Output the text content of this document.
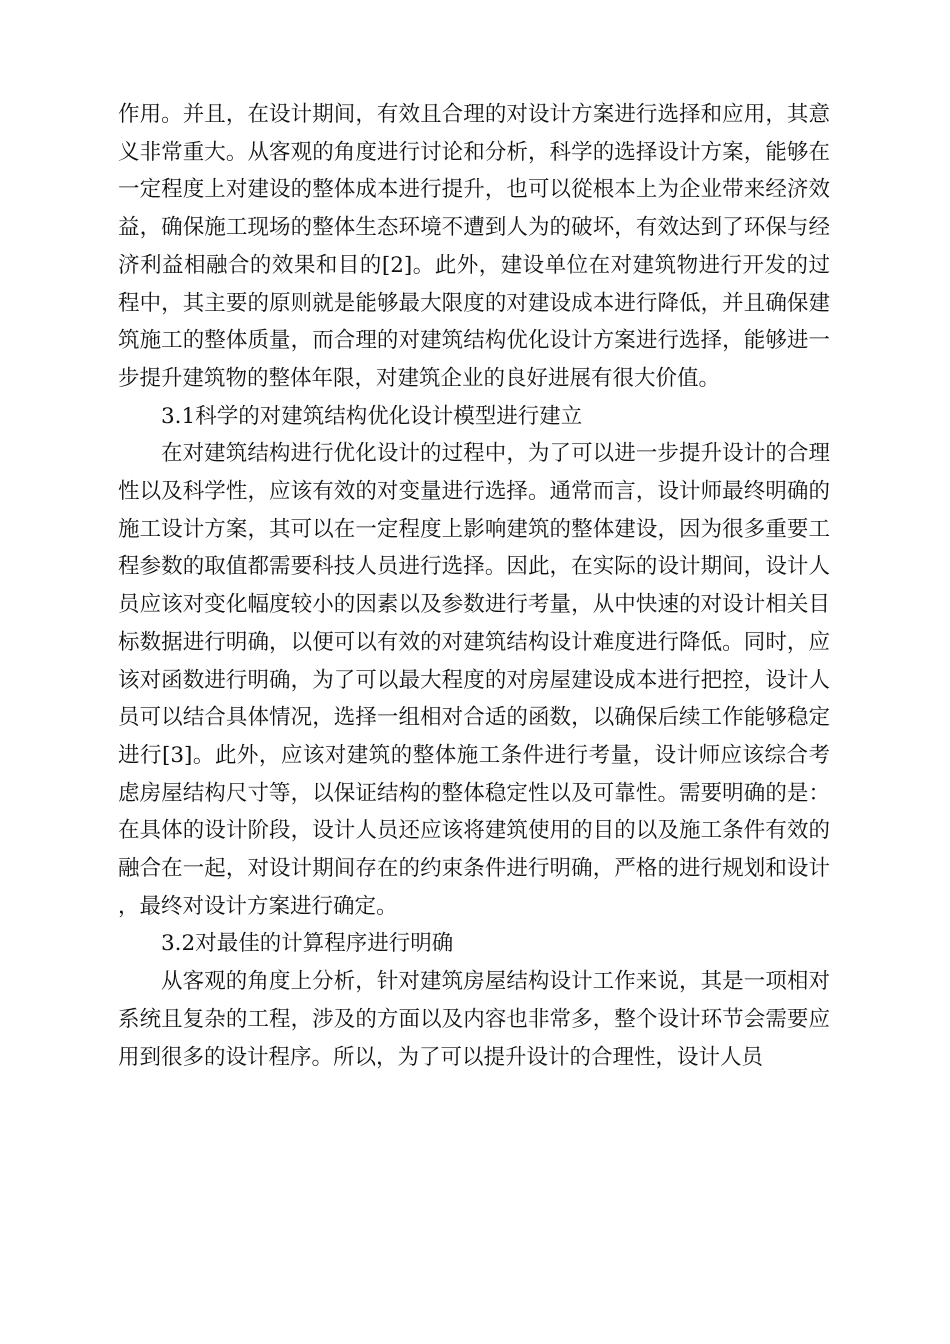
作用。并且，在设计期间，有效且合理的对设计方案进行选择和应用，其意义非常重大。从客观的角度进行讨论和分析，科学的选择设计方案，能够在一定程度上对建设的整体成本进行提升，也可以從根本上为企业带来经济效益，确保施工现场的整体生态环境不遭到人为的破坏，有效达到了环保与经济利益相融合的效果和目的[2]。此外，建设单位在对建筑物进行开发的过程中，其主要的原则就是能够最大限度的对建设成本进行降低，并且确保建筑施工的整体质量，而合理的对建筑结构优化设计方案进行选择，能够进一步提升建筑物的整体年限，对建筑企业的良好进展有很大价值。

3.1科学的对建筑结构优化设计模型进行建立

在对建筑结构进行优化设计的过程中，为了可以进一步提升设计的合理性以及科学性，应该有效的对变量进行选择。通常而言，设计师最终明确的施工设计方案，其可以在一定程度上影响建筑的整体建设，因为很多重要工程参数的取值都需要科技人员进行选择。因此，在实际的设计期间，设计人员应该对变化幅度较小的因素以及参数进行考量，从中快速的对设计相关目标数据进行明确，以便可以有效的对建筑结构设计难度进行降低。同时，应该对函数进行明确，为了可以最大程度的对房屋建设成本进行把控，设计人员可以结合具体情况，选择一组相对合适的函数，以确保后续工作能够稳定进行[3]。此外，应该对建筑的整体施工条件进行考量，设计师应该综合考虑房屋结构尺寸等，以保证结构的整体稳定性以及可靠性。需要明确的是：在具体的设计阶段，设计人员还应该将建筑使用的目的以及施工条件有效的融合在一起，对设计期间存在的约束条件进行明确，严格的进行规划和设计，最终对设计方案进行确定。

3.2对最佳的计算程序进行明确

从客观的角度上分析，针对建筑房屋结构设计工作来说，其是一项相对系统且复杂的工程，涉及的方面以及内容也非常多，整个设计环节会需要应用到很多的设计程序。所以，为了可以提升设计的合理性，设计人员
